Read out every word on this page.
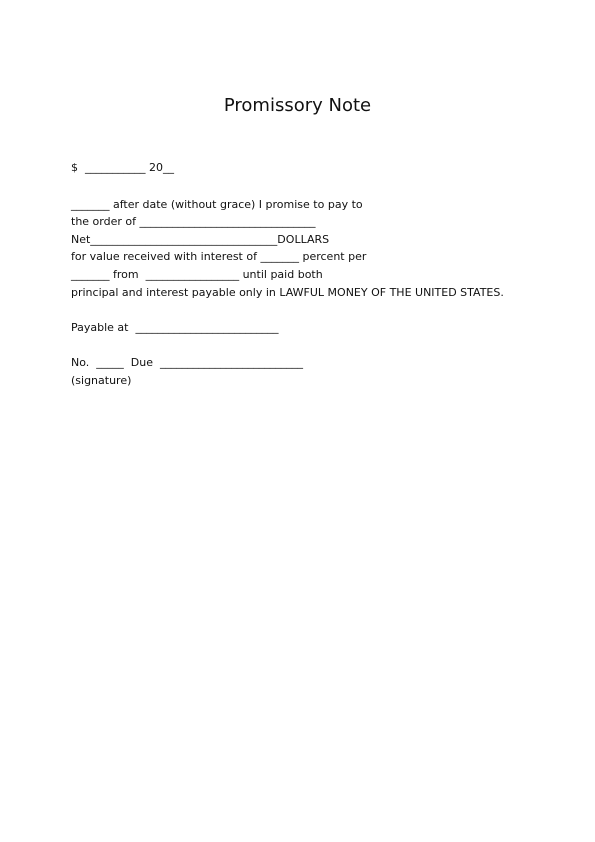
Promissory Note
$  ___________ 20__
_______ after date (without grace) I promise to pay to
the order of ________________________________
Net__________________________________DOLLARS
for value received with interest of _______ percent per
_______ from  _________________ until paid both
principal and interest payable only in LAWFUL MONEY OF THE UNITED STATES.
Payable at  __________________________
No.  _____  Due  __________________________
(signature)
